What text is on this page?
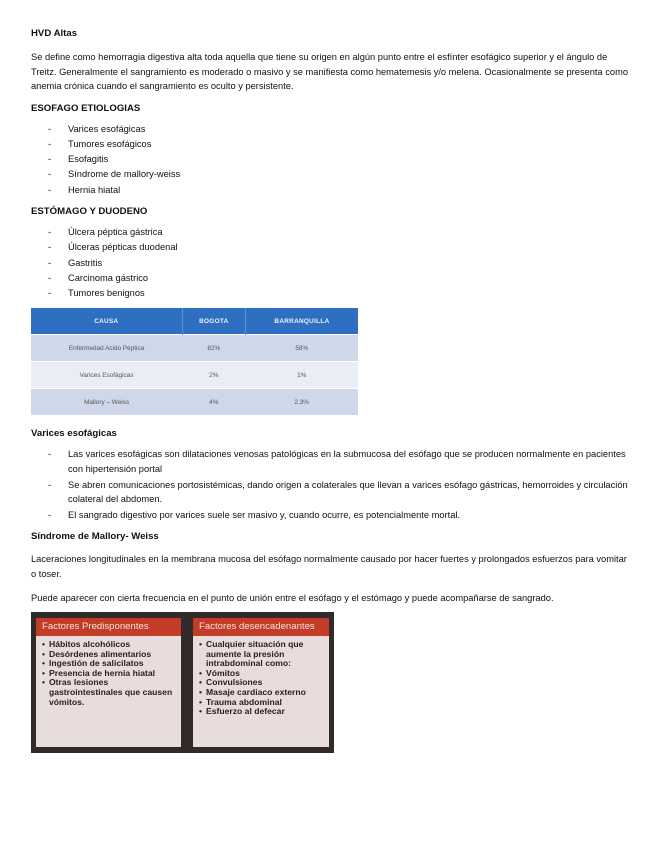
HVD Altas

Se define como hemorragia digestiva alta toda aquella que tiene su origen en algún punto entre el esfínter esofágico superior y el ángulo de Treitz. Generalmente el sangramiento es moderado o masivo y se manifiesta como hematemesis y/o melena. Ocasionalmente se presenta como anemia crónica cuando el sangramiento es oculto y persistente.

ESOFAGO ETIOLOGIAS
- Varices esofágicas
- Tumores esofágicos
- Esofagitis
- Síndrome de mallory-weiss
- Hernia hiatal
ESTÓMAGO Y DUODENO
- Úlcera péptica gástrica
- Úlceras pépticas duodenal
- Gastritis
- Carcinoma gástrico
- Tumores benignos
CAUSA	BOGOTA	BARRANQUILLA
Enfermedad Acido Péptica	82%	58%
Varices Esofágicas	2%	1%
Mallory – Weiss	4%	2.3%
Varices esofágicas
- Las varices esofágicas son dilataciones venosas patológicas en la submucosa del esófago que se producen normalmente en pacientes con hipertensión portal
- Se abren comunicaciones portosistémicas, dando origen a colaterales que llevan a varices esófago gástricas, hemorroides y circulación colateral del abdomen.
- El sangrado digestivo por varices suele ser masivo y, cuando ocurre, es potencialmente mortal.
Síndrome de Mallory- Weiss

Laceraciones longitudinales en la membrana mucosa del esófago normalmente causado por hacer fuertes y prolongados esfuerzos para vomitar o toser.

Puede aparecer con cierta frecuencia en el punto de unión entre el esófago y el estómago y puede acompañarse de sangrado.

Factores Predisponentes
• Hábitos alcohólicos
• Desórdenes alimentarios
• Ingestión de salicilatos
• Presencia de hernia hiatal
• Otras lesiones gastrointestinales que causen vómitos.
Factores desencadenantes
• Cualquier situación que aumente la presión intrabdominal como:
• Vómitos
• Convulsiones
• Masaje cardiaco externo
• Trauma abdominal
• Esfuerzo al defecar
